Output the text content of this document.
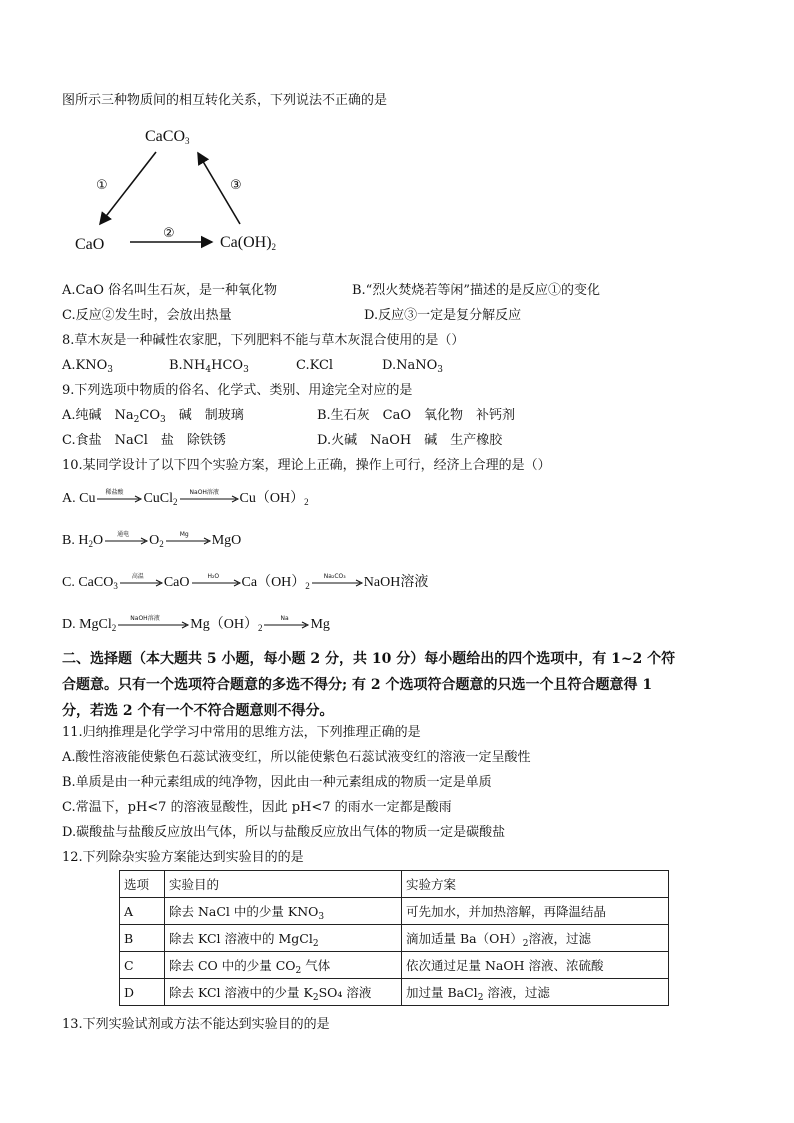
图所示三种物质间的相互转化关系，下列说法不正确的是
CaCO$_3$
CaO	$Ca(OH)_2$
①
②
③
A.CaO 俗名叫生石灰，是一种氧化物	B.“烈火焚烧若等闲”描述的是反应①的变化
C.反应②发生时，会放出热量	D.反应③一定是复分解反应
8.草木灰是一种碱性农家肥，下列肥料不能与草木灰混合使用的是（）
$A.KNO_3$	$B.NH_4HCO_3$	C.KCl	D.NaNO$_3$
9.下列选项中物质的俗名、化学式、类别、用途完全对应的是
A.纯碱　$Na_2CO_3$　碱　制玻璃	B.生石灰　CaO　氧化物　补钙剂
C.食盐　NaCl　盐　除铁锈	D.火碱　NaOH　碱　生产橡胶
10.某同学设计了以下四个实验方案，理论上正确，操作上可行，经济上合理的是（）
A. Cu 稀盐酸 CuCl$_2$
NaOH溶液 $Cu(OH)_2$
B. $H_2O$ 通电 $O_2$
Mg MgO
C. CaCO$_3$
高温 CaO	H₂O $Ca(OH)_2$
Na₂CO₃ NaOH溶液
D. MgCl$_2$
NaOH溶液 $Mg(OH)_2$
Na Mg
二、选择题（本大题共 5 小题，每小题 2 分，共 10 分）每小题给出的四个选项中，有 1~2 个符
合题意。只有一个选项符合题意的多选不得分; 有 2 个选项符合题意的只选一个且符合题意得 1
分，若选 2 个有一个不符合题意则不得分。
11.归纳推理是化学学习中常用的思维方法，下列推理正确的是
A.酸性溶液能使紫色石蕊试液变红，所以能使紫色石蕊试液变红的溶液一定呈酸性
B.单质是由一种元素组成的纯净物，因此由一种元素组成的物质一定是单质
C.常温下，pH<7 的溶液显酸性，因此 pH<7 的雨水一定都是酸雨
D.碳酸盐与盐酸反应放出气体，所以与盐酸反应放出气体的物质一定是碳酸盐
12.下列除杂实验方案能达到实验目的的是
选项	实验目的	实验方案
A	除去 NaCl 中的少量 $KNO_3$	可先加水，并加热溶解，再降温结晶
B	除去 KCl 溶液中的 MgCl$_2$	滴加适量 $Ba(OH)_2$溶液，过滤
C	除去 CO 中的少量 $CO_2$ 气体	依次通过足量 NaOH 溶液、浓硫酸
D	除去 KCl 溶液中的少量 $K_2SO_4$ 溶液	加过量 BaCl$_2$ 溶液，过滤
13.下列实验试剂或方法不能达到实验目的的是
